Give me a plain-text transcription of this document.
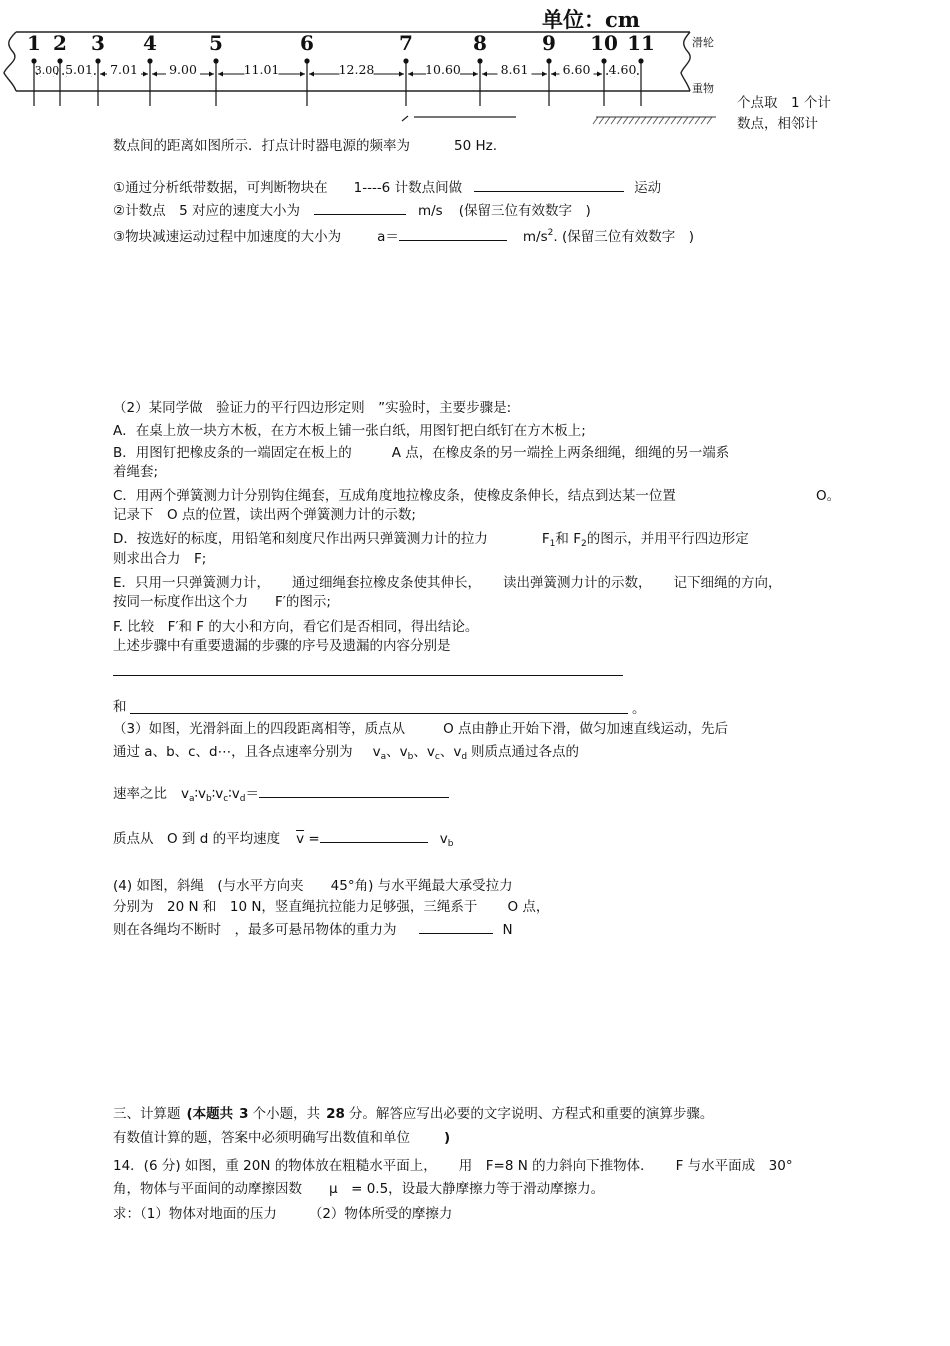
1 2 3 4	5	6	7	8	9 10 11
3.00 5.01 7.01 9.00	11.01	12.28	10.60	8.61	6.60 4.60
单位：cm
滑轮
重物
个点取　1 个计
数点，相邻计
数点间的距离如图所示．打点计时器电源的频率为	50 Hz.
①通过分析纸带数据，可判断物块在 1----6 计数点间做	运动
②计数点　5 对应的速度大小为	m/s (保留三位有效数字　)
③物块减速运动过程中加速度的大小为	a＝	$m/s^2$. (保留三位有效数字　)
（2）某同学做　验证力的平行四边形定则　”实验时，主要步骤是:
A．在桌上放一块方木板，在方木板上铺一张白纸，用图钉把白纸钉在方木板上;
B．用图钉把橡皮条的一端固定在板上的	A 点，在橡皮条的另一端拴上两条细绳，细绳的另一端系
着绳套;
C．用两个弹簧测力计分别钩住绳套，互成角度地拉橡皮条，使橡皮条伸长，结点到达某一位置	O。
记录下　O 点的位置，读出两个弹簧测力计的示数;
D．按选好的标度，用铅笔和刻度尺作出两只弹簧测力计的拉力	$F_1$和 $F_2$的图示，并用平行四边形定
则求出合力　F;
E．只用一只弹簧测力计， 通过细绳套拉橡皮条使其伸长， 读出弹簧测力计的示数， 记下细绳的方向，
按同一标度作出这个力　　F′的图示;
F. 比较　F′和 F 的大小和方向，看它们是否相同，得出结论。
上述步骤中有重要遗漏的步骤的序号及遗漏的内容分别是
和	。
（3）如图，光滑斜面上的四段距离相等，质点从	O 点由静止开始下滑，做匀加速直线运动，先后
通过 a、b、c、d⋯，且各点速率分别为 $v_a$、$v_b$、$v_c$、$v_d$ 则质点通过各点的
速率之比 $v_a∶v_b∶v_c∶v_d=$
质点从　O 到 d 的平均速度 $\overline{v}$ =	$v_b$
(4) 如图，斜绳　(与水平方向夹　　45°角) 与水平绳最大承受拉力
分别为　20 N 和　10 N，竖直绳抗拉能力足够强，三绳系于 O 点，
则在各绳均不断时　，最多可悬吊物体的重力为	N
三、计算题 (本题共 3 个小题，共 28 分。解答应写出必要的文字说明、方程式和重要的演算步骤。
有数值计算的题，答案中必须明确写出数值和单位	)
14．(6 分) 如图，重 20N 的物体放在粗糙水平面上， 用　F=8 N 的力斜向下推物体． F 与水平面成　30°
角，物体与平面间的动摩擦因数　　μ　= 0.5，设最大静摩擦力等于滑动摩擦力。
求：（1）物体对地面的压力 （2）物体所受的摩擦力
